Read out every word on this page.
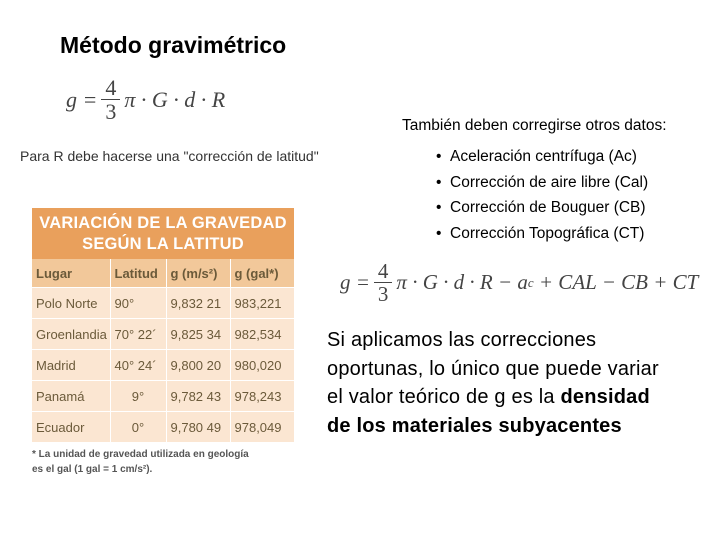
Método gravimétrico
$g = \frac{4}{3}$ π · G · d · R
Para R debe hacerse una "corrección de latitud"
También deben corregirse otros datos:
• Aceleración centrífuga (Ac)
• Corrección de aire libre (Cal)
• Corrección de Bouguer (CB)
• Corrección Topográfica (CT)
$g = \frac{4}{3}$ π · G · d · R − a c + CAL − CB + CT
Si aplicamos las correcciones oportunas, lo único que puede variar el valor teórico de g es la densidad de los materiales subyacentes
VARIACIÓN DE LA GRAVEDAD
SEGÚN LA LATITUD
Lugar	Latitud	g (m/s²)	g (gal*)
Polo Norte	90°	9,832 21	983,221
Groenlandia	70° 22´	9,825 34	982,534
Madrid	40° 24´	9,800 20	980,020
Panamá	9°	9,782 43	978,243
Ecuador	0°	9,780 49	978,049
* La unidad de gravedad utilizada en geología
es el gal (1 gal = 1 cm/s²).
